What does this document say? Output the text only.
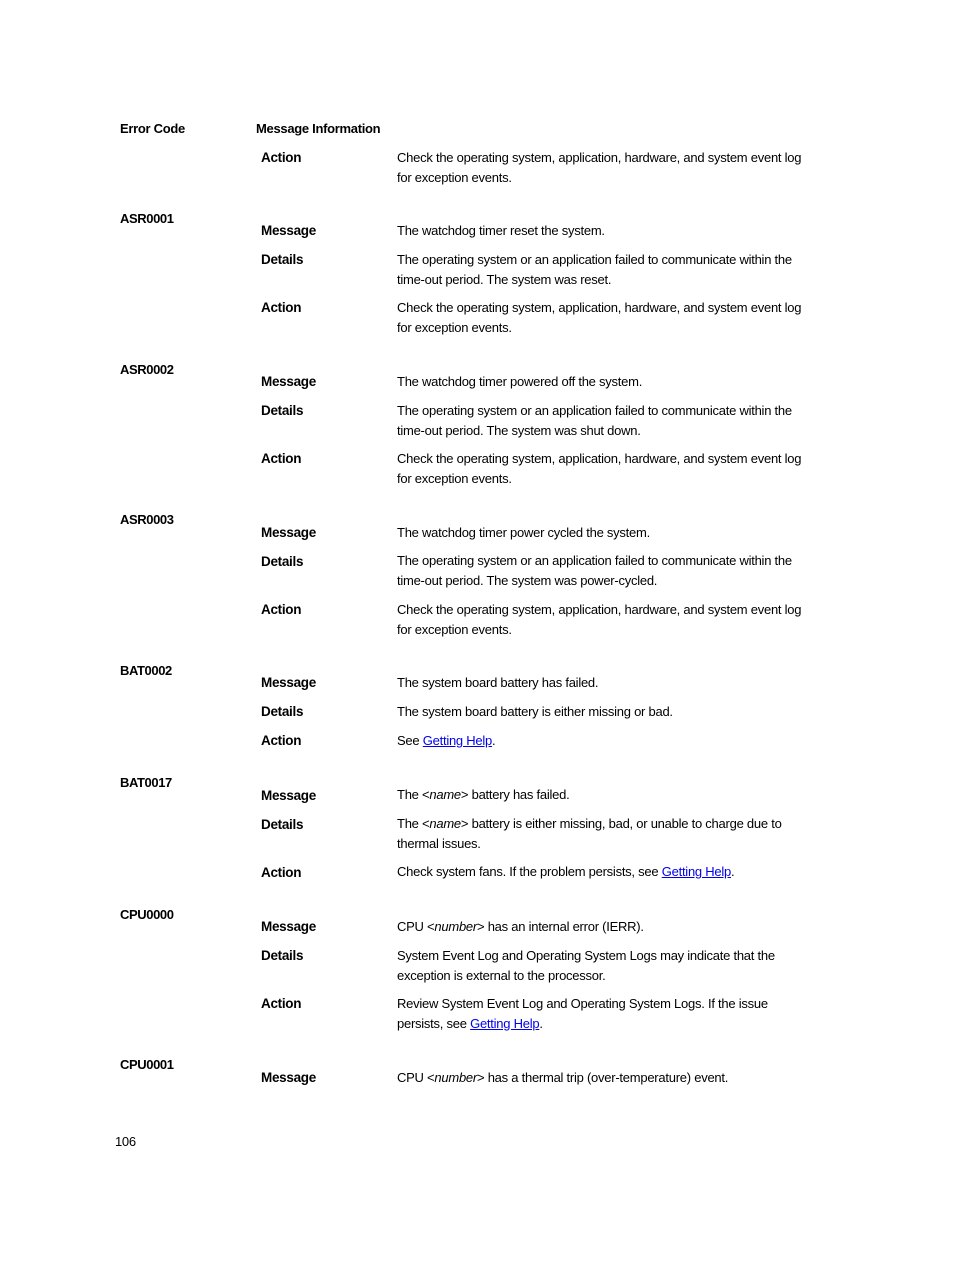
Error Code	Message Information
Action	Check the operating system, application, hardware, and system event log for exception events.
ASR0001
Message	The watchdog timer reset the system.
Details	The operating system or an application failed to communicate within the time-out period. The system was reset.
Action	Check the operating system, application, hardware, and system event log for exception events.
ASR0002
Message	The watchdog timer powered off the system.
Details	The operating system or an application failed to communicate within the time-out period. The system was shut down.
Action	Check the operating system, application, hardware, and system event log for exception events.
ASR0003
Message	The watchdog timer power cycled the system.
Details	The operating system or an application failed to communicate within the time-out period. The system was power-cycled.
Action	Check the operating system, application, hardware, and system event log for exception events.
BAT0002
Message	The system board battery has failed.
Details	The system board battery is either missing or bad.
Action	See Getting Help.
BAT0017
Message	The <name> battery has failed.
Details	The <name> battery is either missing, bad, or unable to charge due to thermal issues.
Action	Check system fans. If the problem persists, see Getting Help.
CPU0000
Message	CPU <number> has an internal error (IERR).
Details	System Event Log and Operating System Logs may indicate that the exception is external to the processor.
Action	Review System Event Log and Operating System Logs. If the issue persists, see Getting Help.
CPU0001
Message	CPU <number> has a thermal trip (over-temperature) event.
106
